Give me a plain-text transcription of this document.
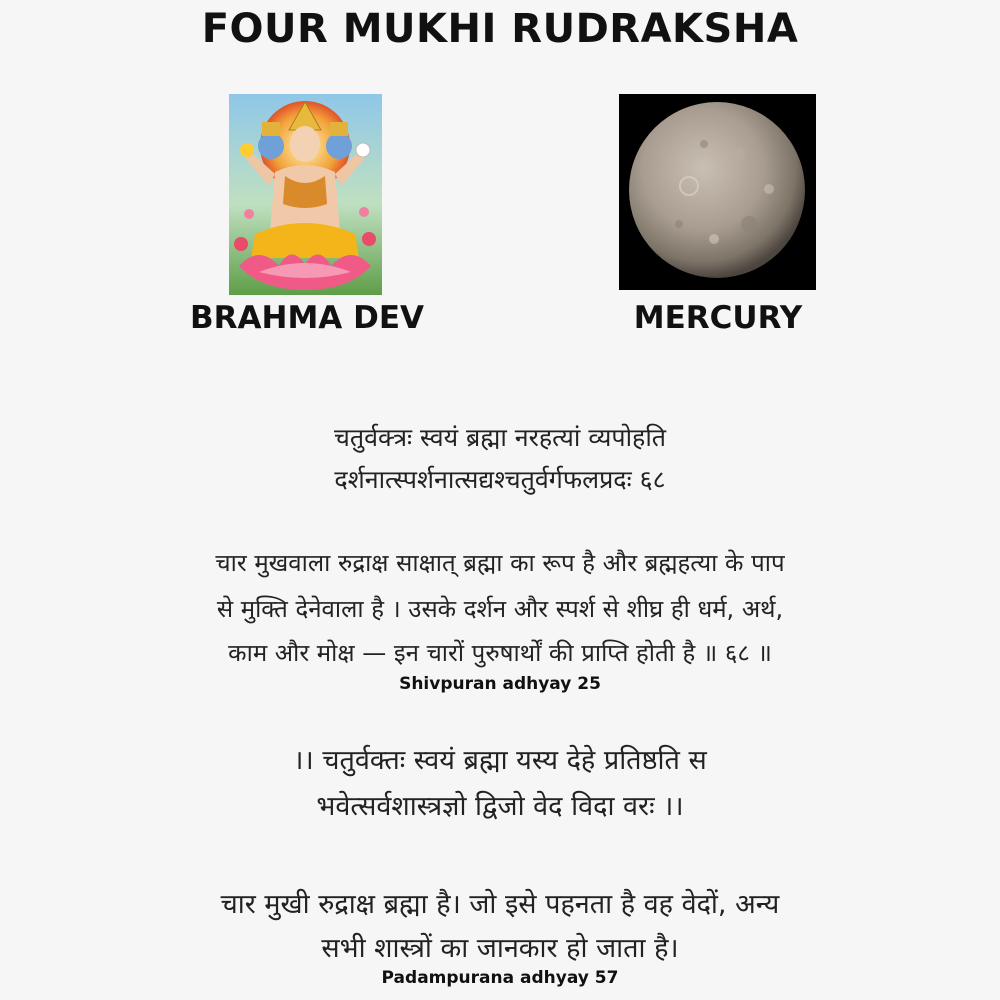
FOUR MUKHI RUDRAKSHA
BRAHMA DEV	MERCURY
चतुर्वक्त्रः स्वयं ब्रह्मा नरहत्यां व्यपोहति
दर्शनात्स्पर्शनात्सद्यश्चतुर्वर्गफलप्रदः ६८
चार मुखवाला रुद्राक्ष साक्षात् ब्रह्मा का रूप है और ब्रह्महत्या के पाप
से मुक्ति देनेवाला है । उसके दर्शन और स्पर्श से शीघ्र ही धर्म, अर्थ,
काम और मोक्ष — इन चारों पुरुषार्थों की प्राप्ति होती है ॥ ६८ ॥
Shivpuran adhyay 25
।। चतुर्वक्तः स्वयं ब्रह्मा यस्य देहे प्रतिष्ठति स
भवेत्सर्वशास्त्रज्ञो द्विजो वेद विदा वरः ।।
चार मुखी रुद्राक्ष ब्रह्मा है। जो इसे पहनता है वह वेदों, अन्य
सभी शास्त्रों का जानकार हो जाता है।
Padampurana adhyay 57
